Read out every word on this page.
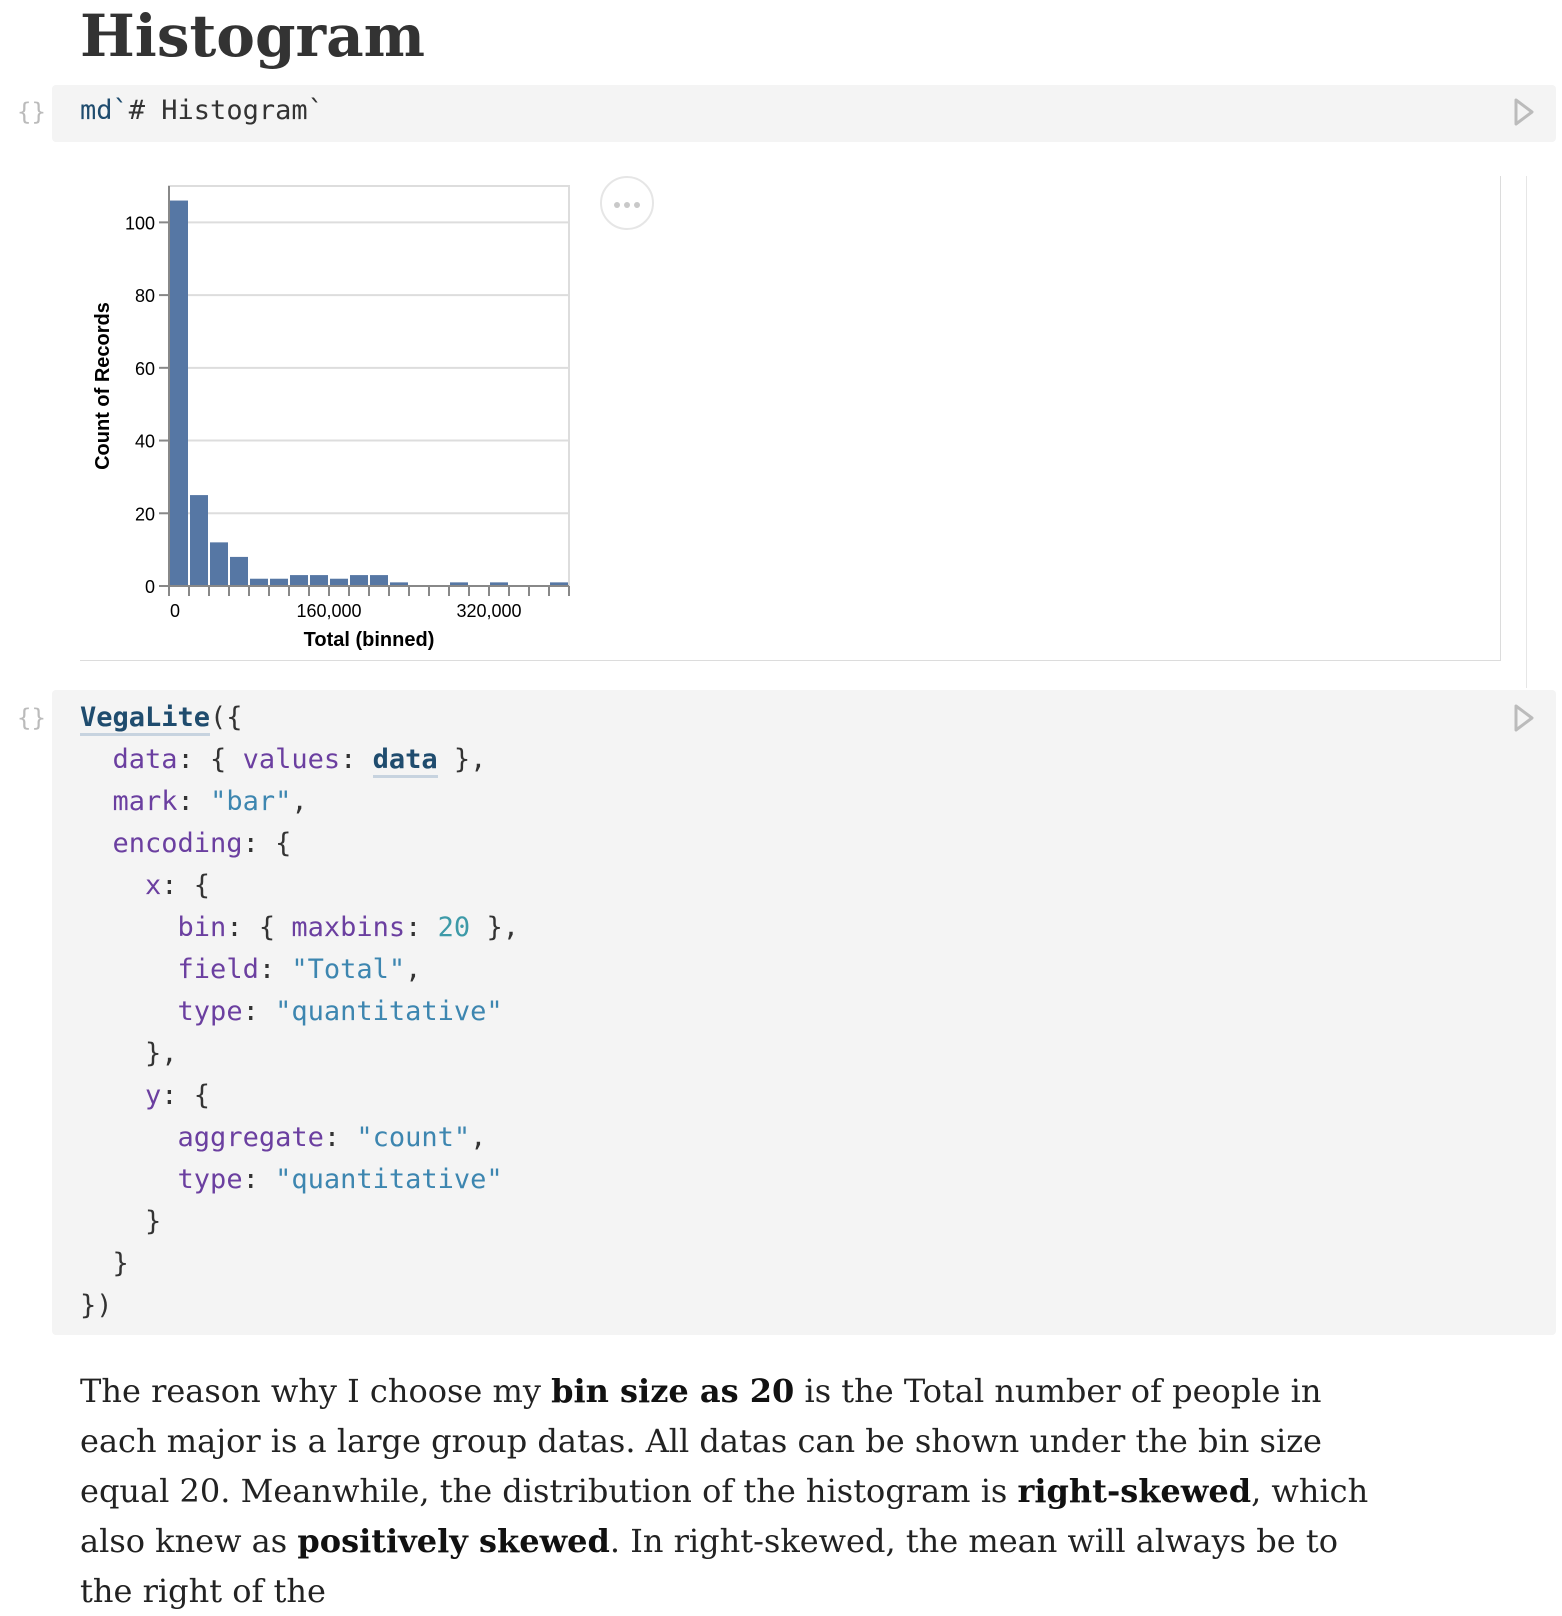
Histogram
{} md`# Histogram`
0
20
40
60
80
100
0	160,000	320,000
Total (binned)
Count of Records
{}

VegaLite({

data: { values: data },

mark: "bar",

encoding: {

x: {

bin: { maxbins: 20 },

field: "Total",

type: "quantitative"

},

y: {

aggregate: "count",

type: "quantitative"

}

}

})

The reason why I choose my bin size as 20 is the Total number of people in each major is a large group datas. All datas can be shown under the bin size equal 20. Meanwhile, the distribution of the histogram is right-skewed, which also knew as positively skewed. In right-skewed, the mean will always be to the right of the
